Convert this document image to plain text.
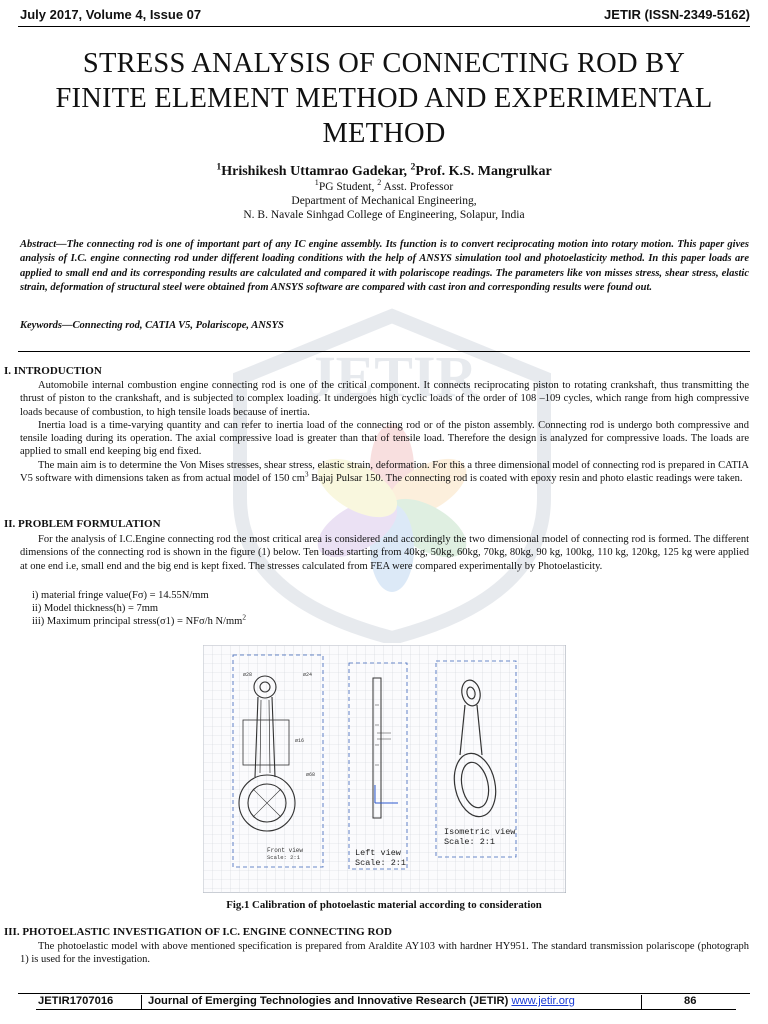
JETIR
July 2017, Volume 4, Issue 07	JETIR (ISSN-2349-5162)
STRESS ANALYSIS OF CONNECTING ROD BY
FINITE ELEMENT METHOD AND EXPERIMENTAL
METHOD
$^1$Hrishikesh Uttamrao Gadekar, $^2$Prof. K.S. Mangrulkar
$^1$PG Student, $^2$ Asst. Professor
Department of Mechanical Engineering,
N. B. Navale Sinhgad College of Engineering, Solapur, India
Abstract—The connecting rod is one of important part of any IC engine assembly. Its function is to convert reciprocating motion into rotary motion. This paper gives analysis of I.C. engine connecting rod under different loading conditions with the help of ANSYS simulation tool and photoelasticity method. In this paper loads are applied to small end and its corresponding results are calculated and compared it with polariscope readings. The parameters like von misses stress, shear stress, elastic strain, deformation of structural steel were obtained from ANSYS software are compared with cast iron and corresponding results were found out.
Keywords—Connecting rod, CATIA V5, Polariscope, ANSYS
I. INTRODUCTION

Automobile internal combustion engine connecting rod is one of the critical component. It connects reciprocating piston to rotating crankshaft, thus transmitting the thrust of piston to the crankshaft, and is subjected to complex loading. It undergoes high cyclic loads of the order of 108 –109 cycles, which range from high compressive loads because of combustion, to high tensile loads because of inertia.

Inertia load is a time-varying quantity and can refer to inertia load of the connecting rod or of the piston assembly. Connecting rod is undergo both compressive and tensile loading during its operation. The axial compressive load is greater than that of tensile load. Therefore the design is analyzed for compressive loads. The loads are applied to small end keeping big end fixed.

The main aim is to determine the Von Mises stresses, shear stress, elastic strain, deformation. For this a three dimensional model of connecting rod is prepared in CATIA V5 software with dimensions taken as from actual model of 150 $cm^3$ Bajaj Pulsar 150. The connecting rod is coated with epoxy resin and photo elastic readings were taken.

II. PROBLEM FORMULATION

For the analysis of I.C.Engine connecting rod the most critical area is considered and accordingly the two dimensional model of connecting rod is formed. The different dimensions of the connecting rod is shown in the figure (1) below. Ten loads starting from 40kg, 50kg, 60kg, 70kg, 80kg, 90 kg, 100kg, 110 kg, 120kg, 125 kg were applied at one end i.e, small end and the big end is kept fixed. The stresses calculated from FEA were compared experimentally by Photoelasticity.

i) material fringe value(Fσ) = 14.55N/mm
ii) Model thickness(h) = 7mm
iii) Maximum principal stress(σ1) = NFσ/h $N/mm^2$
ø28	ø24
ø16
ø68
Front view
Scale: 2:1	Left view
Scale: 2:1
Isometric view
Scale: 2:1
Fig.1 Calibration of photoelastic material according to consideration
III. PHOTOELASTIC INVESTIGATION OF I.C. ENGINE CONNECTING ROD

The photoelastic model with above mentioned specification is prepared from Araldite AY103 with hardner HY951. The standard transmission polariscope (photograph 1) is used for the investigation.

JETIR1707016	Journal of Emerging Technologies and Innovative Research (JETIR) www.jetir.org	86
